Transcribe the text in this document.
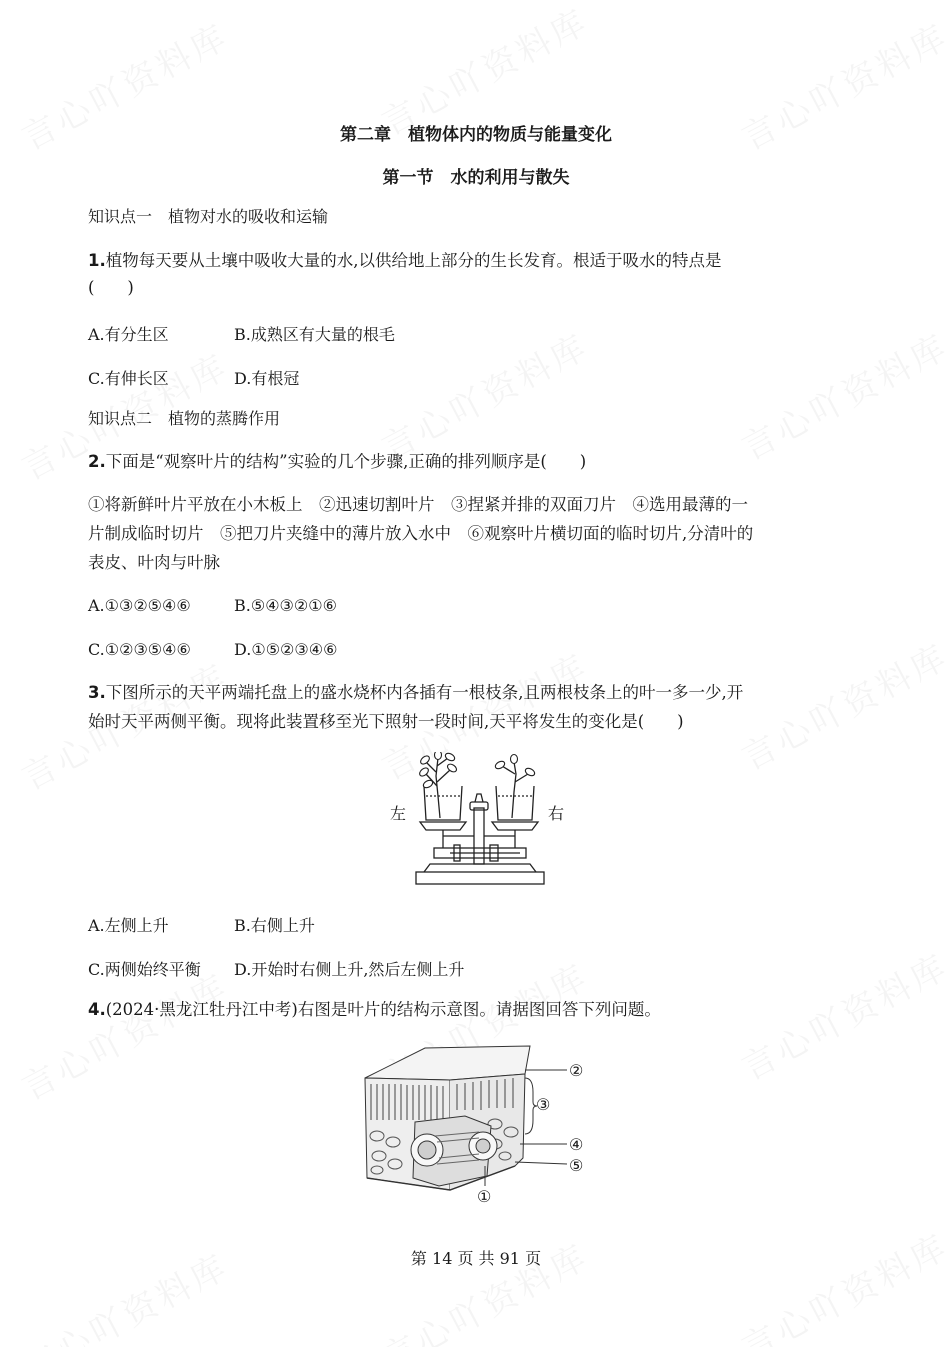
第二章　植物体内的物质与能量变化
第一节　水的利用与散失
知识点一　植物对水的吸收和运输
1.植物每天要从土壤中吸收大量的水,以供给地上部分的生长发育。根适于吸水的特点是
(　　)
A.有分生区	B.成熟区有大量的根毛
C.有伸长区	D.有根冠
知识点二　植物的蒸腾作用
2.下面是“观察叶片的结构”实验的几个步骤,正确的排列顺序是(　　)
①将新鲜叶片平放在小木板上　②迅速切割叶片　③捏紧并排的双面刀片　④选用最薄的一
片制成临时切片　⑤把刀片夹缝中的薄片放入水中　⑥观察叶片横切面的临时切片,分清叶的
表皮、叶肉与叶脉
A.①③②⑤④⑥	B.⑤④③②①⑥
C.①②③⑤④⑥	D.①⑤②③④⑥
3.下图所示的天平两端托盘上的盛水烧杯内各插有一根枝条,且两根枝条上的叶一多一少,开
始时天平两侧平衡。现将此装置移至光下照射一段时间,天平将发生的变化是(　　)
左	右
A.左侧上升	B.右侧上升
C.两侧始终平衡 D.开始时右侧上升,然后左侧上升
4.(2024·黑龙江牡丹江中考)右图是叶片的结构示意图。请据图回答下列问题。
②
③
④
⑤
①
第 14 页 共 91 页
